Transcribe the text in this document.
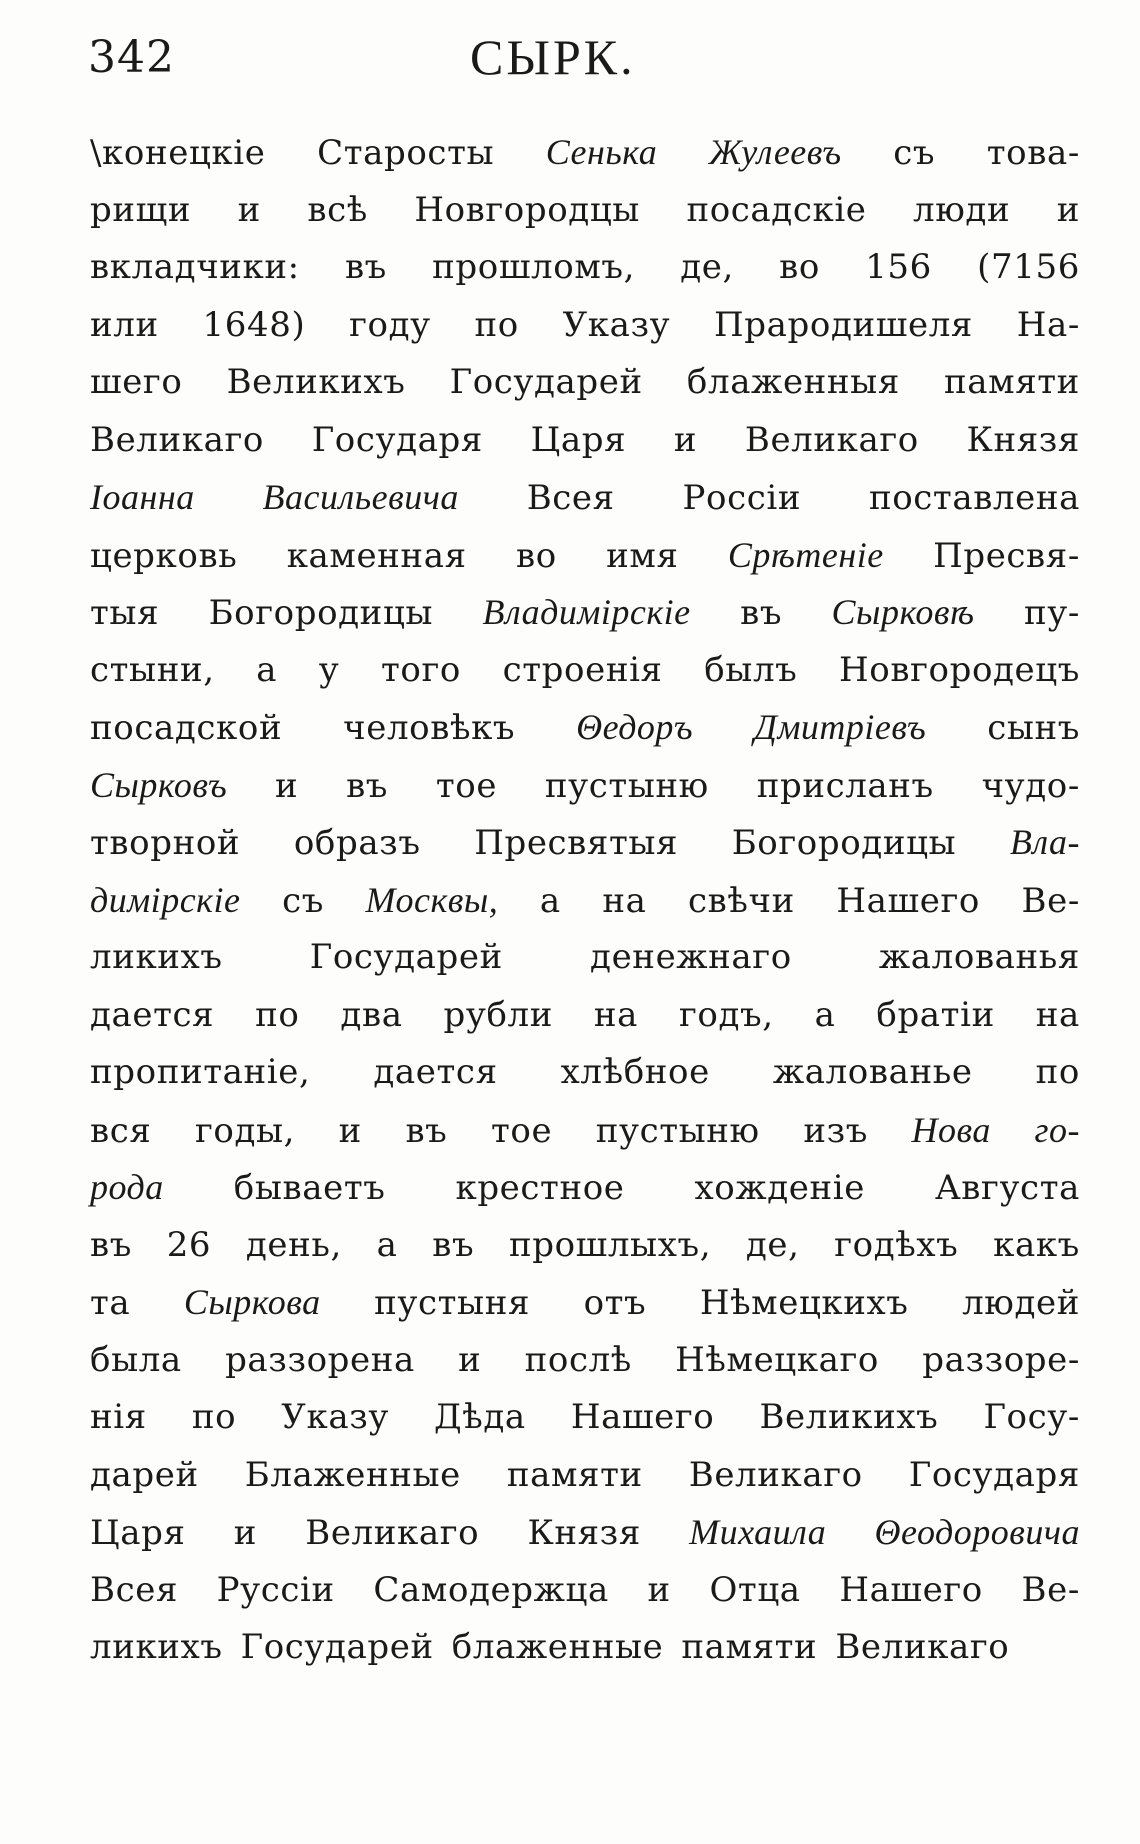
342	СЫРК.
\конецкіе Старосты Сенька Жулеевъ съ това-
рищи и всѣ Новгородцы посадскіе люди и
вкладчики: въ прошломъ, де, во 156 (7156
или 1648) году по Указу Прародишеля На-
шего Великихъ Государей блаженныя памяти
Великаго Государя Царя и Великаго Князя
Іоанна Васильевича Всея Россіи поставлена
церковь каменная во имя Срѣтеніе Пресвя-
тыя Богородицы Владимірскіе въ Сырковѣ пу-
стыни, а у того строенія былъ Новгородецъ
посадской человѣкъ Θедоръ Дмитріевъ сынъ
Сырковъ и въ тое пустыню присланъ чудо-
творной образъ Пресвятыя Богородицы Вла-
димірскіе съ Москвы, а на свѣчи Нашего Ве-
ликихъ	Государей	денежнаго	жалованья
дается по два рубли на годъ, а братіи на
пропитаніе, дается хлѣбное жалованье по
вся годы, и въ тое пустыню изъ Нова го-
рода бываетъ крестное хожденіе Августа
въ 26 день, а въ прошлыхъ, де, годѣхъ какъ
та Сыркова пустыня отъ Нѣмецкихъ людей
была раззорена и послѣ Нѣмецкаго раззоре-
нія по Указу Дѣда Нашего Великихъ Госу-
дарей Блаженные памяти Великаго Государя
Царя и Великаго Князя Михаила Θеодоровича
Всея Руссіи Самодержца и Отца Нашего Ве-
ликихъ Государей блаженные памяти Великаго
